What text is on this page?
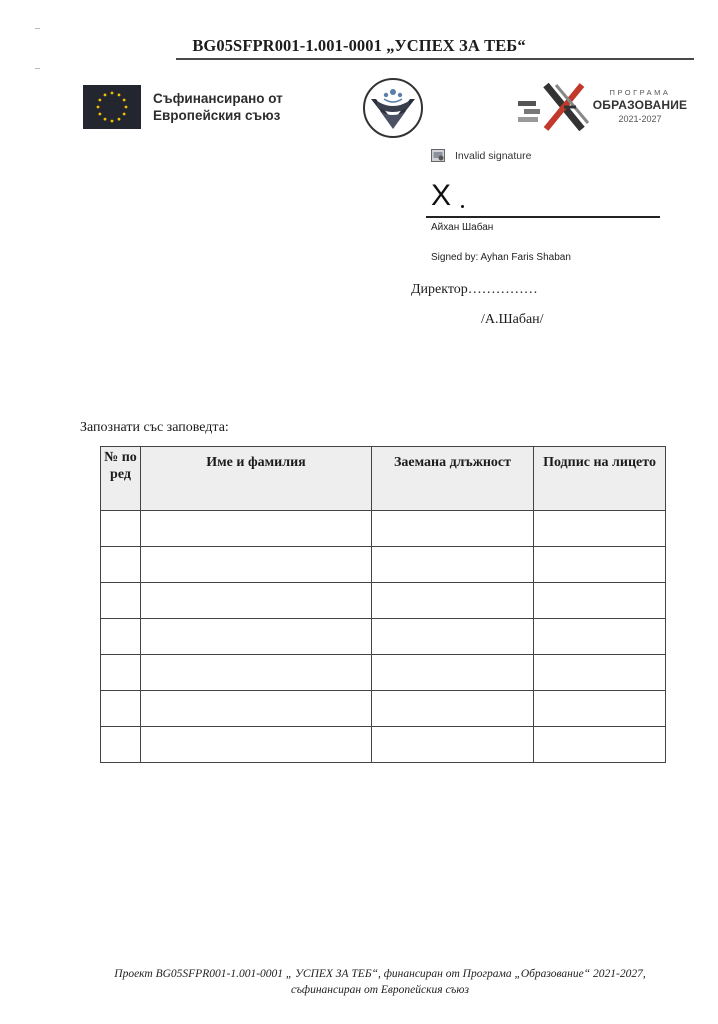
BG05SFPR001-1.001-0001 „УСПЕХ ЗА ТЕБ“
Съфинансирано от
Европейския съюз
ПРОГРАМА
ОБРАЗОВАНИЕ
2021-2027
Invalid signature
X
Айхан Шабан
Signed by: Ayhan Faris Shaban
Директор……………
/А.Шабан/
Запознати със заповедта:
№ по ред	Име и фамилия	Заемана длъжност	Подпис на лицето

Проект BG05SFPR001-1.001-0001 „ УСПЕХ ЗА ТЕБ“, финансиран от Програма „Образование“ 2021-2027,
съфинансиран от Европейския съюз
